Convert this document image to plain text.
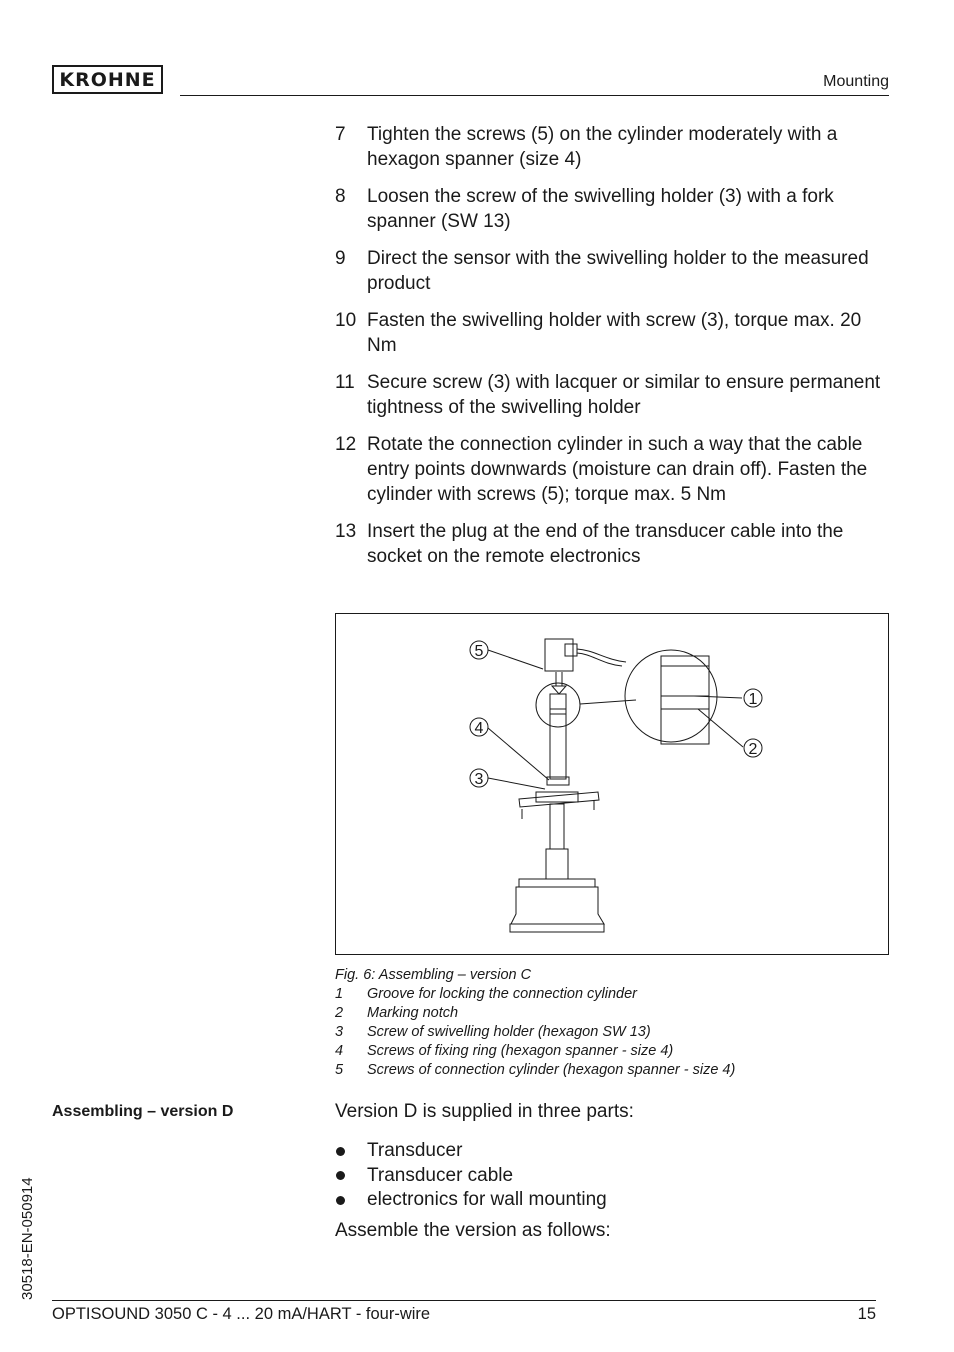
KROHNE	Mounting
7	Tighten the screws (5) on the cylinder moderately with a hexagon spanner (size 4)
8	Loosen the screw of the swivelling holder (3) with a fork spanner (SW 13)
9	Direct the sensor with the swivelling holder to the measured product
10 Fasten the swivelling holder with screw (3), torque max. 20 Nm
11 Secure screw (3) with lacquer or similar to ensure permanent tightness of the swivelling holder
12 Rotate the connection cylinder in such a way that the cable entry points downwards (moisture can drain off). Fasten the cylinder with screws (5); torque max. 5 Nm
13 Insert the plug at the end of the transducer cable into the socket on the remote electronics
5
4
3
1
2
Fig. 6: Assembling – version C
1	Groove for locking the connection cylinder
2	Marking notch
3	Screw of swivelling holder (hexagon SW 13)
4	Screws of fixing ring (hexagon spanner - size 4)
5	Screws of connection cylinder (hexagon spanner - size 4)
Assembling – version D	Version D is supplied in three parts:
Transducer
Transducer cable
electronics for wall mounting
Assemble the version as follows:
30518-EN-050914
OPTISOUND 3050 C - 4 ... 20 mA/HART - four-wire	15
